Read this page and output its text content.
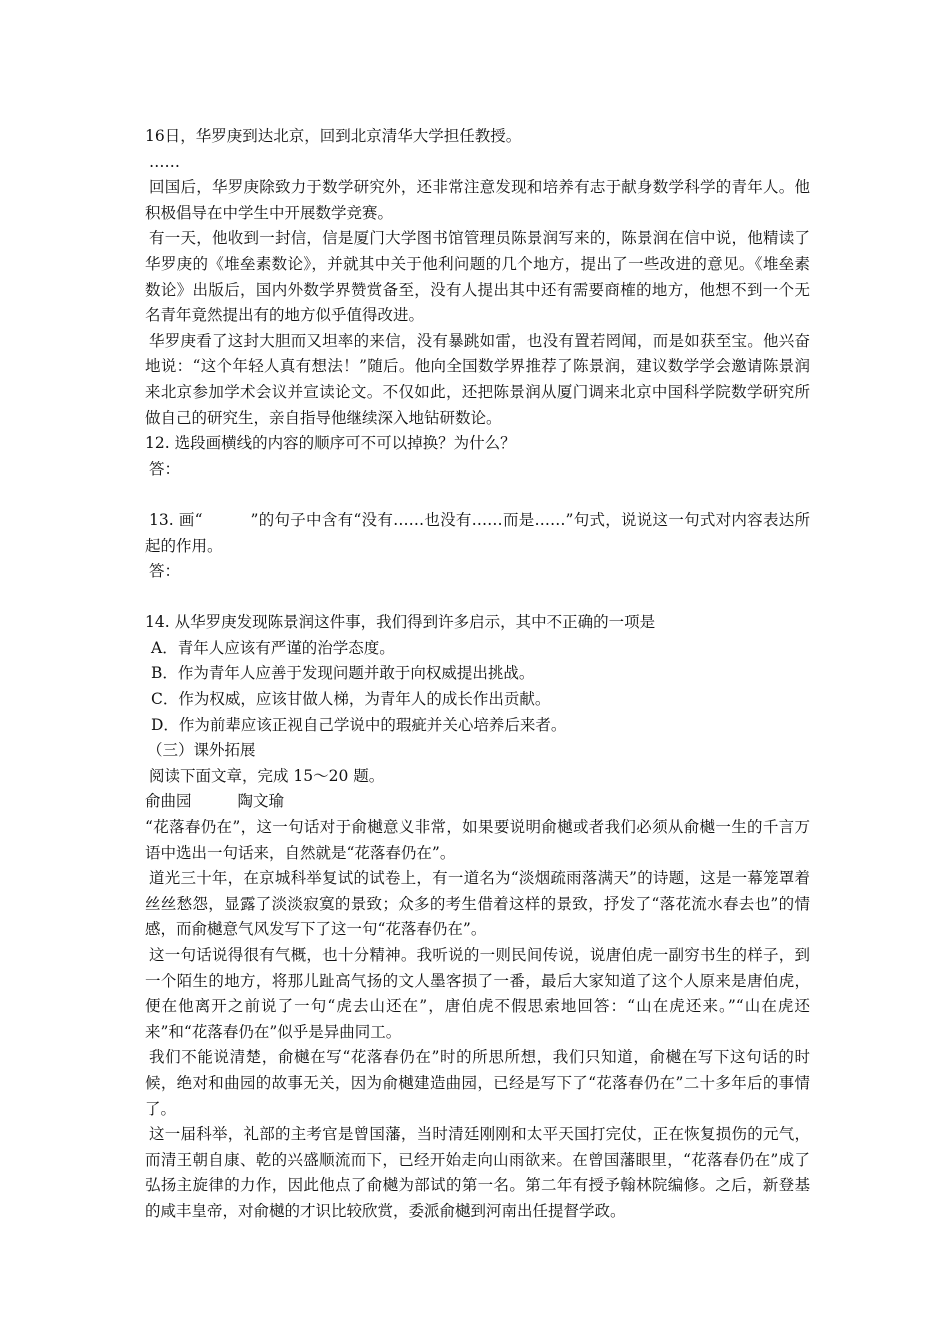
16日，华罗庚到达北京，回到北京清华大学担任教授。

……

回国后，华罗庚除致力于数学研究外，还非常注意发现和培养有志于献身数学科学的青年人。他积极倡导在中学生中开展数学竞赛。

有一天，他收到一封信，信是厦门大学图书馆管理员陈景润写来的，陈景润在信中说，他精读了华罗庚的《堆垒素数论》，并就其中关于他利问题的几个地方，提出了一些改进的意见。《堆垒素数论》出版后，国内外数学界赞赏备至，没有人提出其中还有需要商榷的地方，他想不到一个无名青年竟然提出有的地方似乎值得改进。

华罗庚看了这封大胆而又坦率的来信，没有暴跳如雷，也没有置若罔闻，而是如获至宝。他兴奋地说：“这个年轻人真有想法！”随后。他向全国数学界推荐了陈景润，建议数学学会邀请陈景润来北京参加学术会议并宣读论文。不仅如此，还把陈景润从厦门调来北京中国科学院数学研究所做自己的研究生，亲自指导他继续深入地钻研数论。

12. 选段画横线的内容的顺序可不可以掉换？为什么？

答：

13. 画“	”的句子中含有“没有……也没有……而是……”句式，说说这一句式对内容表达所起的作用。

答：

14. 从华罗庚发现陈景润这件事，我们得到许多启示，其中不正确的一项是

A．青年人应该有严谨的治学态度。

B．作为青年人应善于发现问题并敢于向权威提出挑战。

C．作为权威，应该甘做人梯，为青年人的成长作出贡献。

D．作为前辈应该正视自己学说中的瑕疵并关心培养后来者。

（三）课外拓展

阅读下面文章，完成 15～20 题。

俞曲园	陶文瑜

“花落春仍在”，这一句话对于俞樾意义非常，如果要说明俞樾或者我们必须从俞樾一生的千言万语中选出一句话来，自然就是“花落春仍在”。

道光三十年，在京城科举复试的试卷上，有一道名为“淡烟疏雨落满天”的诗题，这是一幕笼罩着丝丝愁怨，显露了淡淡寂寞的景致；众多的考生借着这样的景致，抒发了“落花流水春去也”的情感，而俞樾意气风发写下了这一句“花落春仍在”。

这一句话说得很有气概，也十分精神。我听说的一则民间传说，说唐伯虎一副穷书生的样子，到一个陌生的地方，将那儿趾高气扬的文人墨客损了一番，最后大家知道了这个人原来是唐伯虎，便在他离开之前说了一句“虎去山还在”，唐伯虎不假思索地回答：“山在虎还来。”“山在虎还来”和“花落春仍在”似乎是异曲同工。

我们不能说清楚，俞樾在写“花落春仍在”时的所思所想，我们只知道，俞樾在写下这句话的时候，绝对和曲园的故事无关，因为俞樾建造曲园，已经是写下了“花落春仍在”二十多年后的事情了。

这一届科举，礼部的主考官是曾国藩，当时清廷刚刚和太平天国打完仗，正在恢复损伤的元气，而清王朝自康、乾的兴盛顺流而下，已经开始走向山雨欲来。在曾国藩眼里，“花落春仍在”成了弘扬主旋律的力作，因此他点了俞樾为部试的第一名。第二年有授予翰林院编修。之后，新登基的咸丰皇帝，对俞樾的才识比较欣赏，委派俞樾到河南出任提督学政。
